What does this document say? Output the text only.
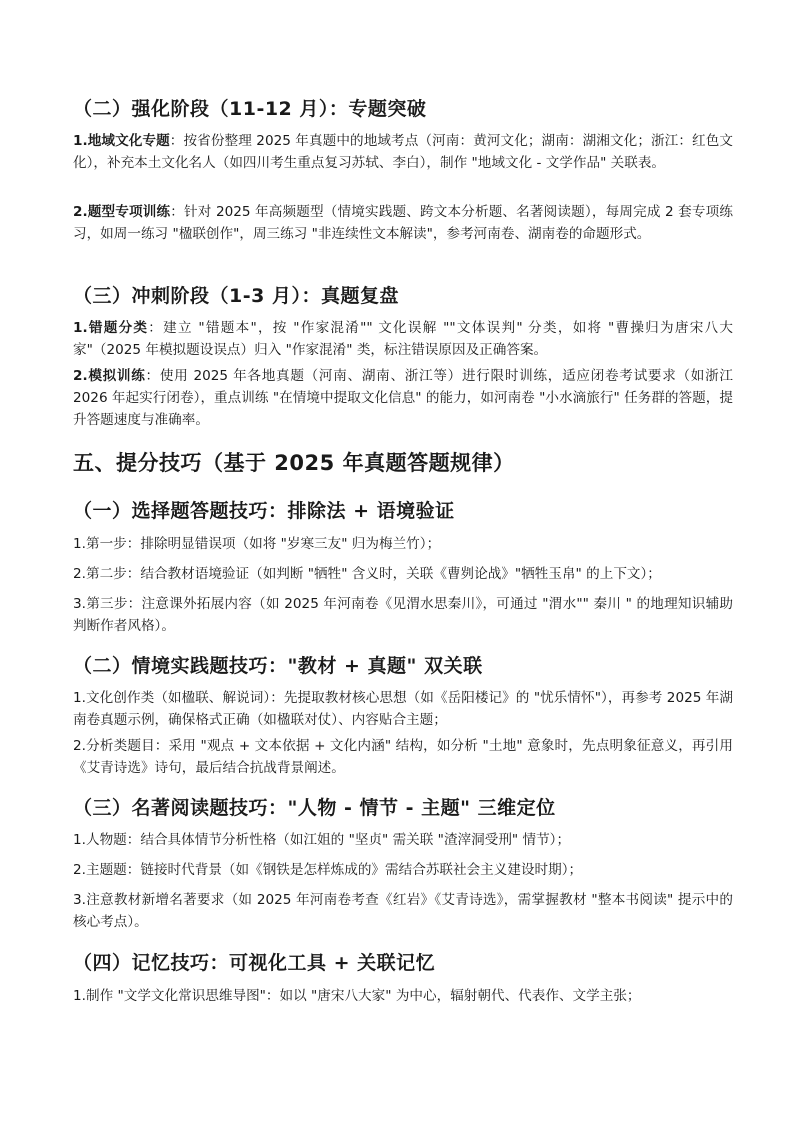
（二）强化阶段（11-12 月）：专题突破

1.地域文化专题：按省份整理 2025 年真题中的地域考点（河南：黄河文化；湖南：湖湘文化；浙江：红色文化），补充本土文化名人（如四川考生重点复习苏轼、李白），制作 "地域文化 - 文学作品" 关联表。

2.题型专项训练：针对 2025 年高频题型（情境实践题、跨文本分析题、名著阅读题），每周完成 2 套专项练习，如周一练习 "楹联创作"，周三练习 "非连续性文本解读"，参考河南卷、湖南卷的命题形式。

（三）冲刺阶段（1-3 月）：真题复盘

1.错题分类：建立 "错题本"，按 "作家混淆"" 文化误解 ""文体误判" 分类，如将 "曹操归为唐宋八大家"（2025 年模拟题设误点）归入 "作家混淆" 类，标注错误原因及正确答案。

2.模拟训练：使用 2025 年各地真题（河南、湖南、浙江等）进行限时训练，适应闭卷考试要求（如浙江 2026 年起实行闭卷），重点训练 "在情境中提取文化信息" 的能力，如河南卷 "小水滴旅行" 任务群的答题，提升答题速度与准确率。

五、提分技巧（基于 2025 年真题答题规律）
（一）选择题答题技巧：排除法 + 语境验证

1.第一步：排除明显错误项（如将 "岁寒三友" 归为梅兰竹）；

2.第二步：结合教材语境验证（如判断 "牺牲" 含义时，关联《曹刿论战》"牺牲玉帛" 的上下文）；

3.第三步：注意课外拓展内容（如 2025 年河南卷《见渭水思秦川》，可通过 "渭水"" 秦川 " 的地理知识辅助判断作者风格）。

（二）情境实践题技巧："教材 + 真题" 双关联

1.文化创作类（如楹联、解说词）：先提取教材核心思想（如《岳阳楼记》的 "忧乐情怀"），再参考 2025 年湖南卷真题示例，确保格式正确（如楹联对仗）、内容贴合主题；

2.分析类题目：采用 "观点 + 文本依据 + 文化内涵" 结构，如分析 "土地" 意象时，先点明象征意义，再引用《艾青诗选》诗句，最后结合抗战背景阐述。

（三）名著阅读题技巧："人物 - 情节 - 主题" 三维定位

1.人物题：结合具体情节分析性格（如江姐的 "坚贞" 需关联 "渣滓洞受刑" 情节）；

2.主题题：链接时代背景（如《钢铁是怎样炼成的》需结合苏联社会主义建设时期）；

3.注意教材新增名著要求（如 2025 年河南卷考查《红岩》《艾青诗选》，需掌握教材 "整本书阅读" 提示中的核心考点）。

（四）记忆技巧：可视化工具 + 关联记忆

1.制作 "文学文化常识思维导图"：如以 "唐宋八大家" 为中心，辐射朝代、代表作、文学主张；
